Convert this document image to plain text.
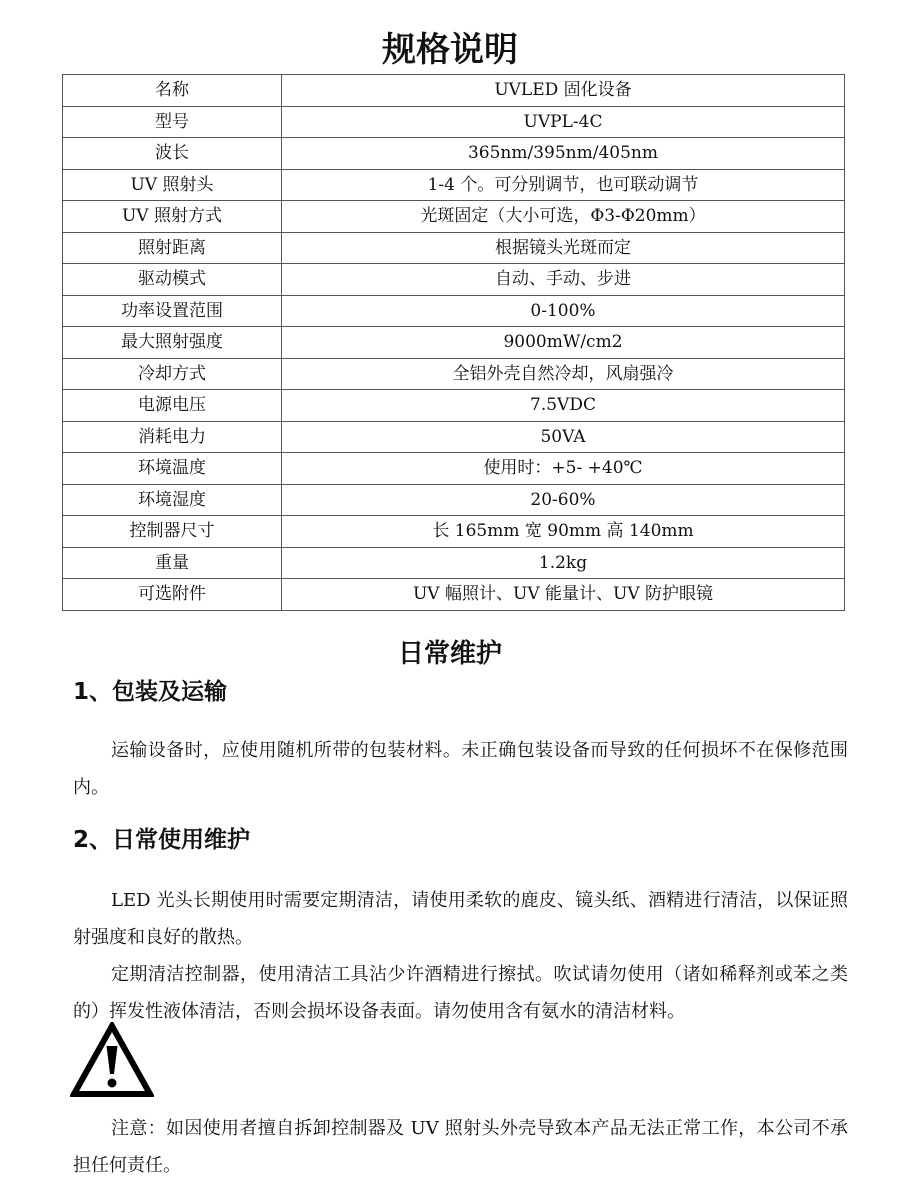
规格说明
名称	UVLED 固化设备
型号	UVPL-4C
波长	365nm/395nm/405nm
UV 照射头	1-4 个。可分别调节，也可联动调节
UV 照射方式	光斑固定（大小可选，Φ3-Φ20mm）
照射距离	根据镜头光斑而定
驱动模式	自动、手动、步进
功率设置范围	0-100%
最大照射强度	9000mW/cm2
冷却方式	全铝外壳自然冷却，风扇强冷
电源电压	7.5VDC
消耗电力	50VA
环境温度	使用时：+5- +40℃
环境湿度	20-60%
控制器尺寸	长 165mm 宽 90mm 高 140mm
重量	1.2kg
可选附件	UV 幅照计、UV 能量计、UV 防护眼镜
日常维护
1、包装及运输
运输设备时，应使用随机所带的包装材料。未正确包装设备而导致的任何损坏不在保修范围内。
2、日常使用维护
LED 光头长期使用时需要定期清洁，请使用柔软的鹿皮、镜头纸、酒精进行清洁，以保证照射强度和良好的散热。
定期清洁控制器，使用清洁工具沾少许酒精进行擦拭。吹试请勿使用（诸如稀释剂或苯之类的）挥发性液体清洁，否则会损坏设备表面。请勿使用含有氨水的清洁材料。
注意：如因使用者擅自拆卸控制器及 UV 照射头外壳导致本产品无法正常工作，本公司不承担任何责任。
